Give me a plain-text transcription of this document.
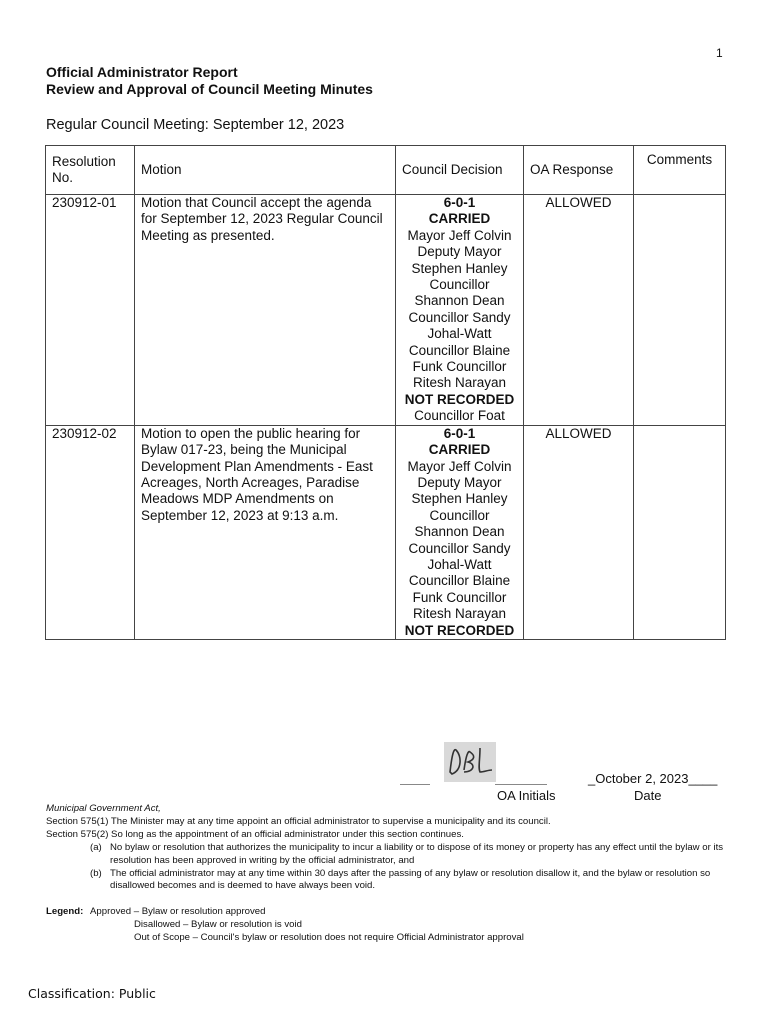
1
Official Administrator Report
Review and Approval of Council Meeting Minutes
Regular Council Meeting: September 12, 2023
Resolution
No.	Motion	Council Decision	OA Response	Comments
230912-01	Motion that Council accept the agenda for September 12, 2023 Regular Council Meeting as presented.	6-0-1
CARRIED
Mayor Jeff Colvin Deputy Mayor Stephen Hanley Councillor Shannon Dean Councillor Sandy Johal-Watt Councillor Blaine Funk Councillor Ritesh Narayan
NOT RECORDED
Councillor Foat	ALLOWED	
230912-02	Motion to open the public hearing for Bylaw 017-23, being the Municipal Development Plan Amendments - East Acreages, North Acreages, Paradise Meadows MDP Amendments on September 12, 2023 at 9:13 a.m.	6-0-1
CARRIED
Mayor Jeff Colvin Deputy Mayor Stephen Hanley Councillor Shannon Dean Councillor Sandy Johal-Watt Councillor Blaine Funk Councillor Ritesh Narayan
NOT RECORDED	ALLOWED	
_October 2, 2023____
OA Initials	Date
Municipal Government Act,
Section 575(1) The Minister may at any time appoint an official administrator to supervise a municipality and its council.
Section 575(2) So long as the appointment of an official administrator under this section continues.
(a) No bylaw or resolution that authorizes the municipality to incur a liability or to dispose of its money or property has any effect until the bylaw or its resolution has been approved in writing by the official administrator, and
(b) The official administrator may at any time within 30 days after the passing of any bylaw or resolution disallow it, and the bylaw or resolution so disallowed becomes and is deemed to have always been void.
Legend: Approved – Bylaw or resolution approved
Disallowed – Bylaw or resolution is void
Out of Scope – Council's bylaw or resolution does not require Official Administrator approval
Classification: Public
